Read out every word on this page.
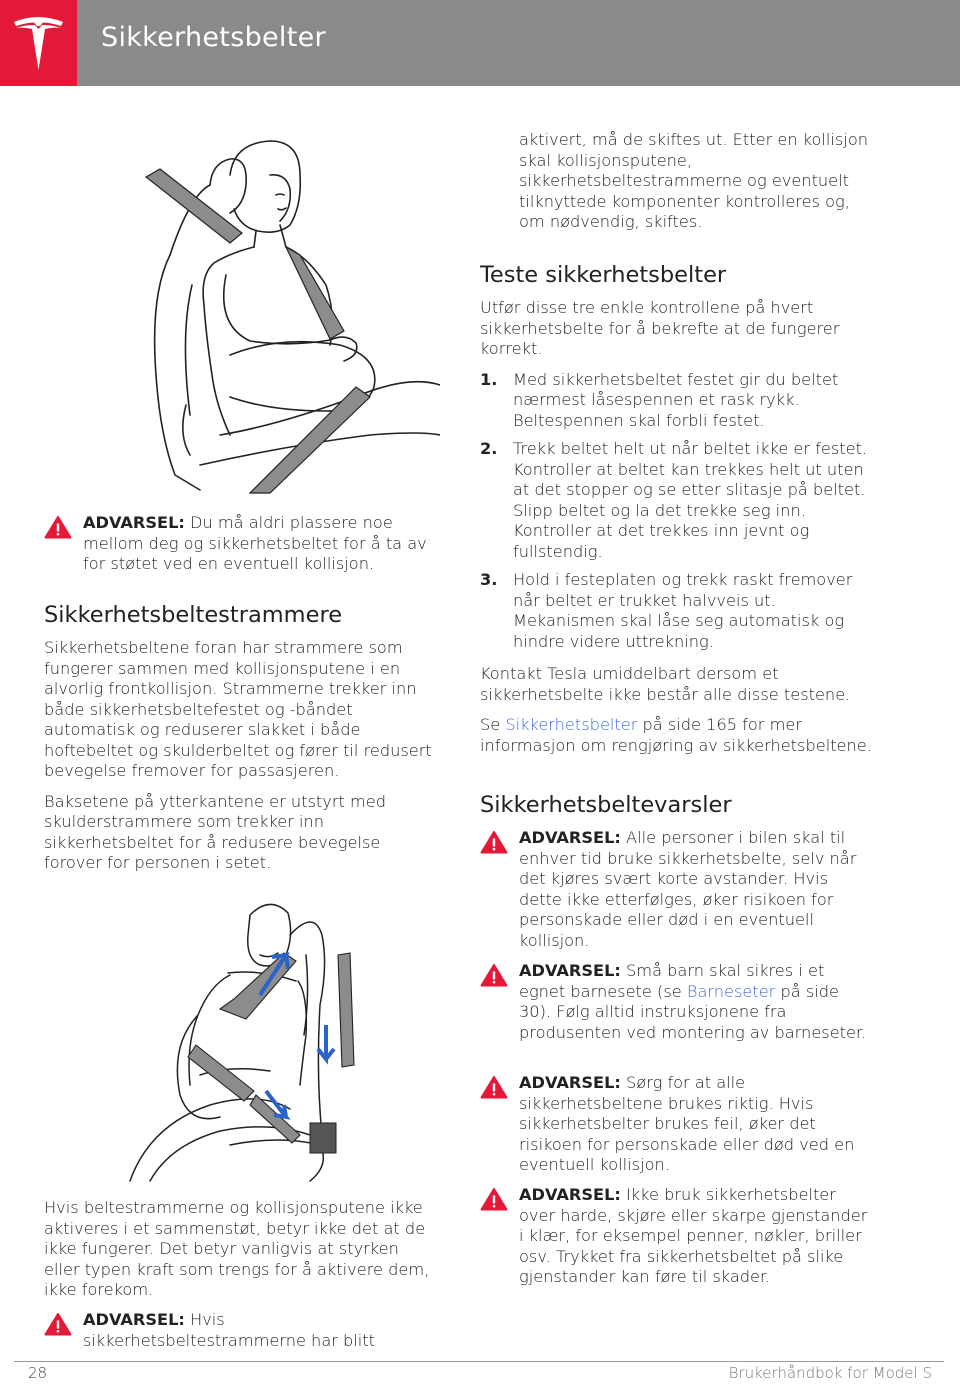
Sikkerhetsbelter
ADVARSEL: Du må aldri plassere noe mellom deg og sikkerhetsbeltet for å ta av for støtet ved en eventuell kollisjon.
Sikkerhetsbeltestrammere

Sikkerhetsbeltene foran har strammere som fungerer sammen med kollisjonsputene i en alvorlig frontkollisjon. Strammerne trekker inn både sikkerhetsbeltefestet og -båndet automatisk og reduserer slakket i både hoftebeltet og skulderbeltet og fører til redusert bevegelse fremover for passasjeren.

Baksetene på ytterkantene er utstyrt med skulderstrammere som trekker inn sikkerhetsbeltet for å redusere bevegelse forover for personen i setet.

Hvis beltestrammerne og kollisjonsputene ikke aktiveres i et sammenstøt, betyr ikke det at de ikke fungerer. Det betyr vanligvis at styrken eller typen kraft som trengs for å aktivere dem, ikke forekom.

ADVARSEL: Hvis sikkerhetsbeltestrammerne har blitt

aktivert, må de skiftes ut. Etter en kollisjon skal kollisjonsputene, sikkerhetsbeltestrammerne og eventuelt tilknyttede komponenter kontrolleres og, om nødvendig, skiftes.

Teste sikkerhetsbelter

Utfør disse tre enkle kontrollene på hvert sikkerhetsbelte for å bekrefte at de fungerer korrekt.

1. Med sikkerhetsbeltet festet gir du beltet nærmest låsespennen et rask rykk. Beltespennen skal forbli festet.
2. Trekk beltet helt ut når beltet ikke er festet. Kontroller at beltet kan trekkes helt ut uten at det stopper og se etter slitasje på beltet. Slipp beltet og la det trekke seg inn. Kontroller at det trekkes inn jevnt og fullstendig.
3. Hold i festeplaten og trekk raskt fremover når beltet er trukket halvveis ut. Mekanismen skal låse seg automatisk og hindre videre uttrekning.

Kontakt Tesla umiddelbart dersom et sikkerhetsbelte ikke består alle disse testene.

Se Sikkerhetsbelter på side 165 for mer informasjon om rengjøring av sikkerhetsbeltene.

Sikkerhetsbeltevarsler
ADVARSEL: Alle personer i bilen skal til enhver tid bruke sikkerhetsbelte, selv når det kjøres svært korte avstander. Hvis dette ikke etterfølges, øker risikoen for personskade eller død i en eventuell kollisjon.
ADVARSEL: Små barn skal sikres i et egnet barnesete (se Barneseter på side 30). Følg alltid instruksjonene fra produsenten ved montering av barneseter.
ADVARSEL: Sørg for at alle sikkerhetsbeltene brukes riktig. Hvis sikkerhetsbelter brukes feil, øker det risikoen for personskade eller død ved en eventuell kollisjon.
ADVARSEL: Ikke bruk sikkerhetsbelter over harde, skjøre eller skarpe gjenstander i klær, for eksempel penner, nøkler, briller osv. Trykket fra sikkerhetsbeltet på slike gjenstander kan føre til skader.
28	Brukerhåndbok for Model S
